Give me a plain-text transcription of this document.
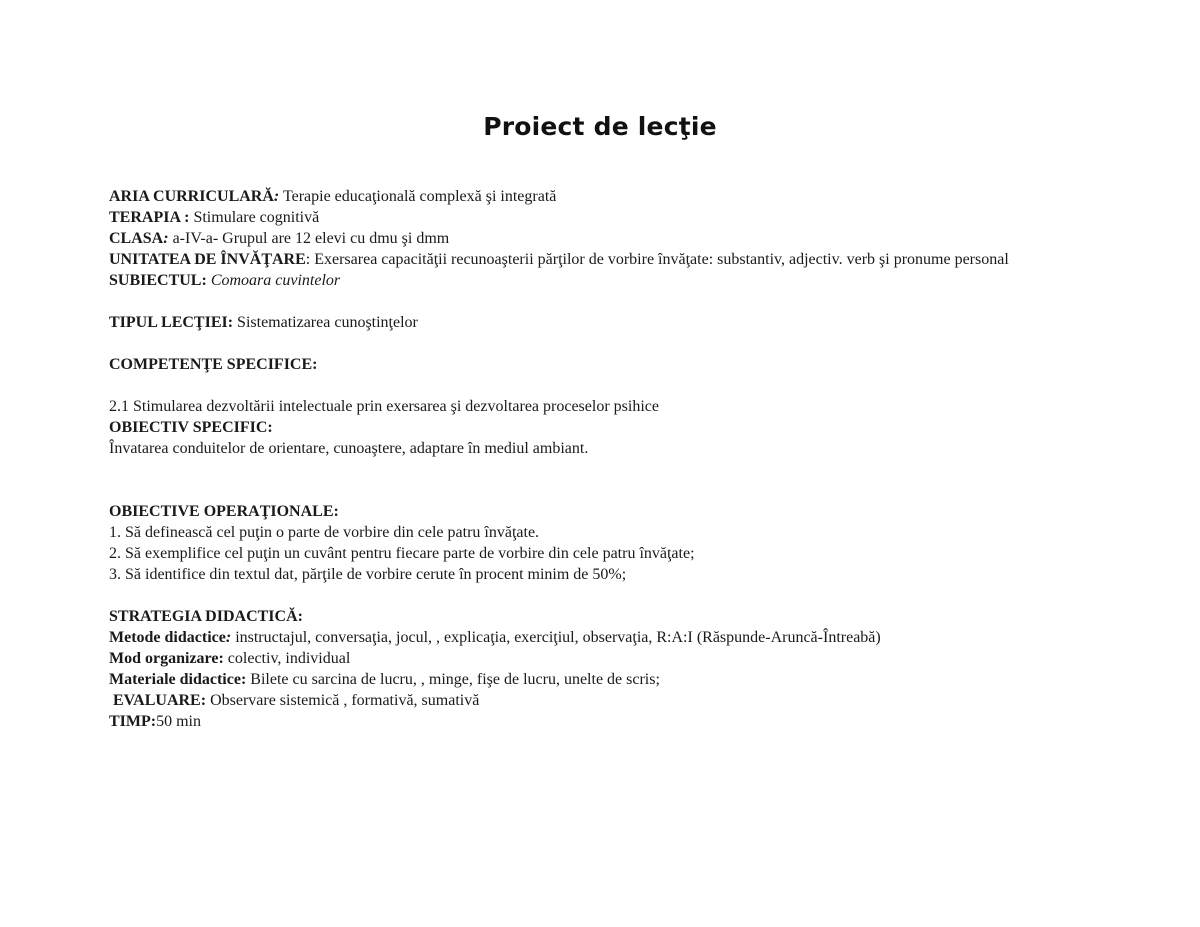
Proiect de lecţie
ARIA CURRICULARĂ: Terapie educaţională complexă şi integrată
TERAPIA : Stimulare cognitivă
CLASA: a-IV-a- Grupul are 12 elevi cu dmu şi dmm
UNITATEA DE ÎNVĂŢARE: Exersarea capacităţii recunoaşterii părţilor de vorbire învăţate: substantiv, adjectiv. verb şi pronume personal
SUBIECTUL: Comoara cuvintelor
TIPUL LECŢIEI: Sistematizarea cunoştinţelor
COMPETENŢE SPECIFICE:
2.1 Stimularea dezvoltării intelectuale prin exersarea şi dezvoltarea proceselor psihice
OBIECTIV SPECIFIC:
Învatarea conduitelor de orientare, cunoaştere, adaptare în mediul ambiant.
OBIECTIVE OPERAŢIONALE:
1. Să definească cel puţin o parte de vorbire din cele patru învăţate.
2. Să exemplifice cel puţin un cuvânt pentru fiecare parte de vorbire din cele patru învăţate;
3. Să identifice din textul dat, părţile de vorbire cerute în procent minim de 50%;
STRATEGIA DIDACTICĂ:
Metode didactice: instructajul, conversaţia, jocul, , explicaţia, exerciţiul, observaţia, R:A:I (Răspunde-Aruncă-Întreabă)
Mod organizare: colectiv, individual
Materiale didactice: Bilete cu sarcina de lucru, , minge, fişe de lucru, unelte de scris;
EVALUARE: Observare sistemică , formativă, sumativă
TIMP:50 min
